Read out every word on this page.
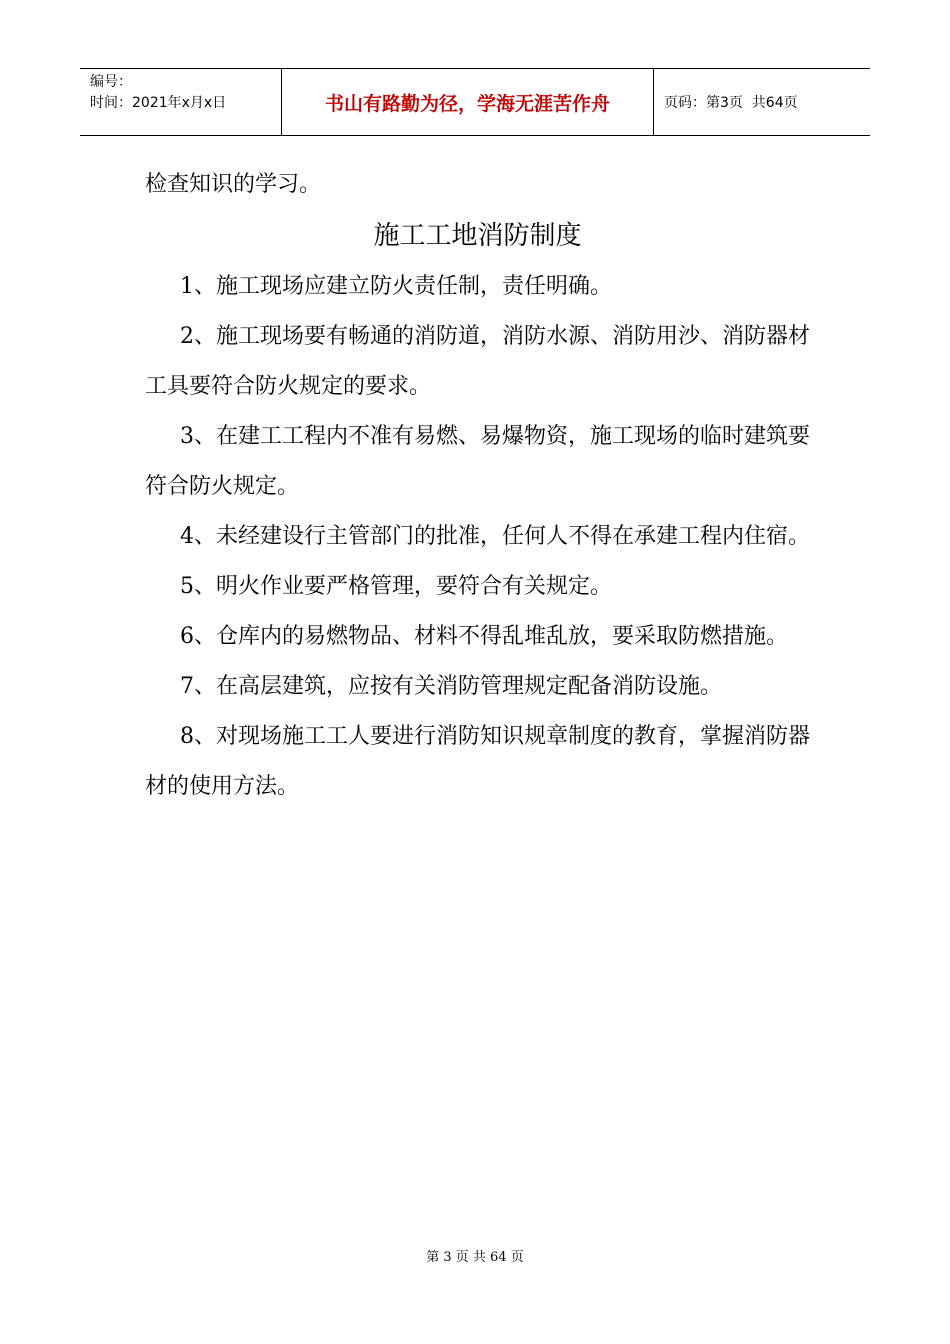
编号：
时间：2021年x月x日	书山有路勤为径，学海无涯苦作舟	页码：第3页  共64页

检查知识的学习。

施工工地消防制度

1、施工现场应建立防火责任制，责任明确。

2、施工现场要有畅通的消防道，消防水源、消防用沙、消防器材工具要符合防火规定的要求。

3、在建工工程内不准有易燃、易爆物资，施工现场的临时建筑要符合防火规定。

4、未经建设行主管部门的批准，任何人不得在承建工程内住宿。

5、明火作业要严格管理，要符合有关规定。

6、仓库内的易燃物品、材料不得乱堆乱放，要采取防燃措施。

7、在高层建筑，应按有关消防管理规定配备消防设施。

8、对现场施工工人要进行消防知识规章制度的教育，掌握消防器材的使用方法。

第 3 页 共 64 页
